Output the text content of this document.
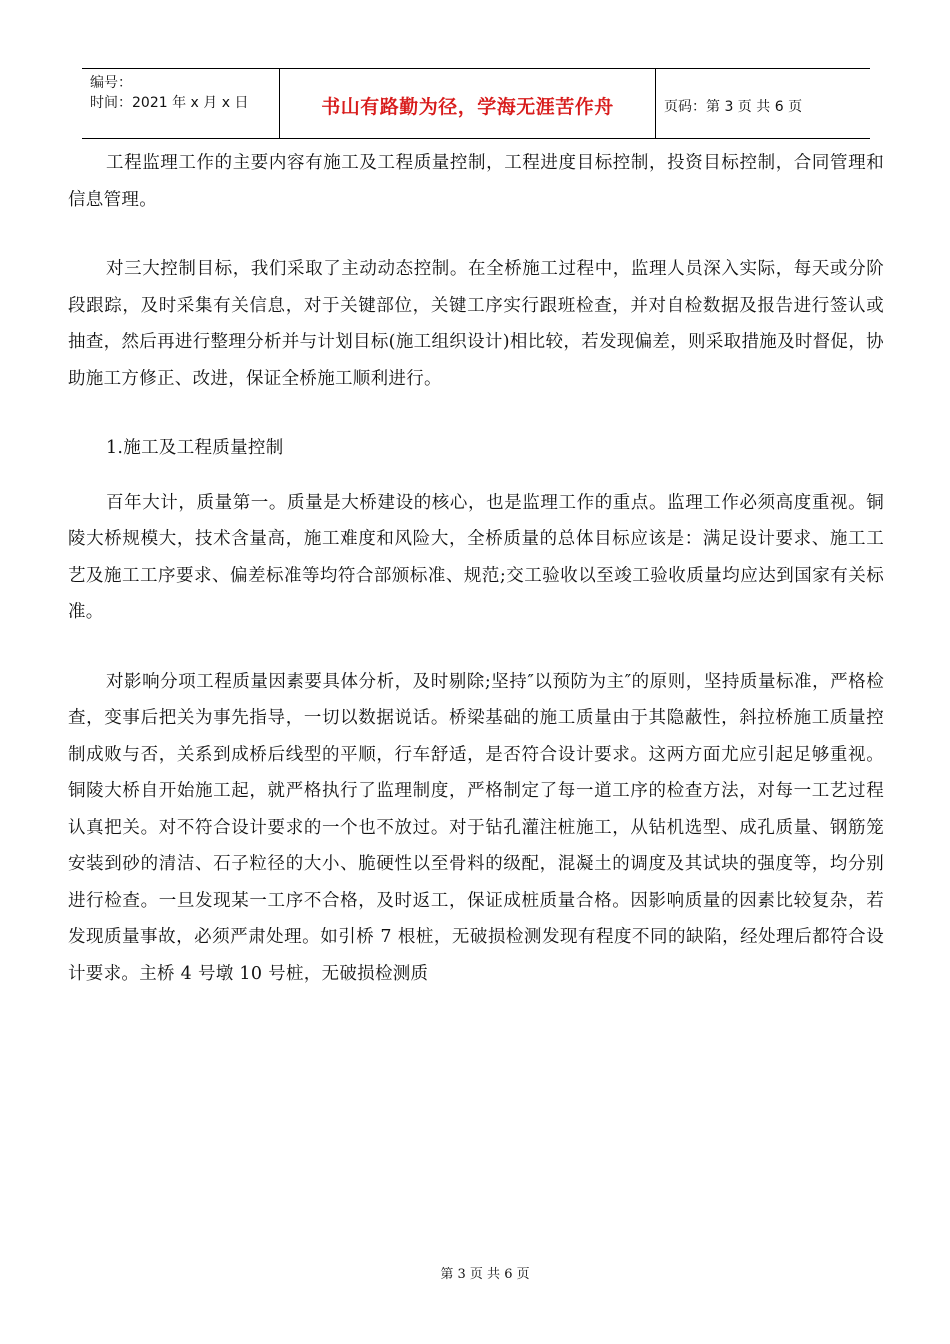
编号：
时间：2021 年 x 月 x 日	书山有路勤为径，学海无涯苦作舟	页码：第 3 页 共 6 页

工程监理工作的主要内容有施工及工程质量控制，工程进度目标控制，投资目标控制，合同管理和信息管理。

对三大控制目标，我们采取了主动动态控制。在全桥施工过程中，监理人员深入实际，每天或分阶段跟踪，及时采集有关信息，对于关键部位，关键工序实行跟班检查，并对自检数据及报告进行签认或抽查，然后再进行整理分析并与计划目标(施工组织设计)相比较，若发现偏差，则采取措施及时督促，协助施工方修正、改进，保证全桥施工顺利进行。

1.施工及工程质量控制

百年大计，质量第一。质量是大桥建设的核心，也是监理工作的重点。监理工作必须高度重视。铜陵大桥规模大，技术含量高，施工难度和风险大，全桥质量的总体目标应该是：满足设计要求、施工工艺及施工工序要求、偏差标准等均符合部颁标准、规范;交工验收以至竣工验收质量均应达到国家有关标准。

对影响分项工程质量因素要具体分析，及时剔除;坚持″以预防为主″的原则，坚持质量标准，严格检查，变事后把关为事先指导，一切以数据说话。桥梁基础的施工质量由于其隐蔽性，斜拉桥施工质量控制成败与否，关系到成桥后线型的平顺，行车舒适，是否符合设计要求。这两方面尤应引起足够重视。铜陵大桥自开始施工起，就严格执行了监理制度，严格制定了每一道工序的检查方法，对每一工艺过程认真把关。对不符合设计要求的一个也不放过。对于钻孔灌注桩施工，从钻机选型、成孔质量、钢筋笼安装到砂的清洁、石子粒径的大小、脆硬性以至骨料的级配，混凝土的调度及其试块的强度等，均分别进行检查。一旦发现某一工序不合格，及时返工，保证成桩质量合格。因影响质量的因素比较复杂，若发现质量事故，必须严肃处理。如引桥 7 根桩，无破损检测发现有程度不同的缺陷，经处理后都符合设计要求。主桥 4 号墩 10 号桩，无破损检测质

第 3 页 共 6 页
